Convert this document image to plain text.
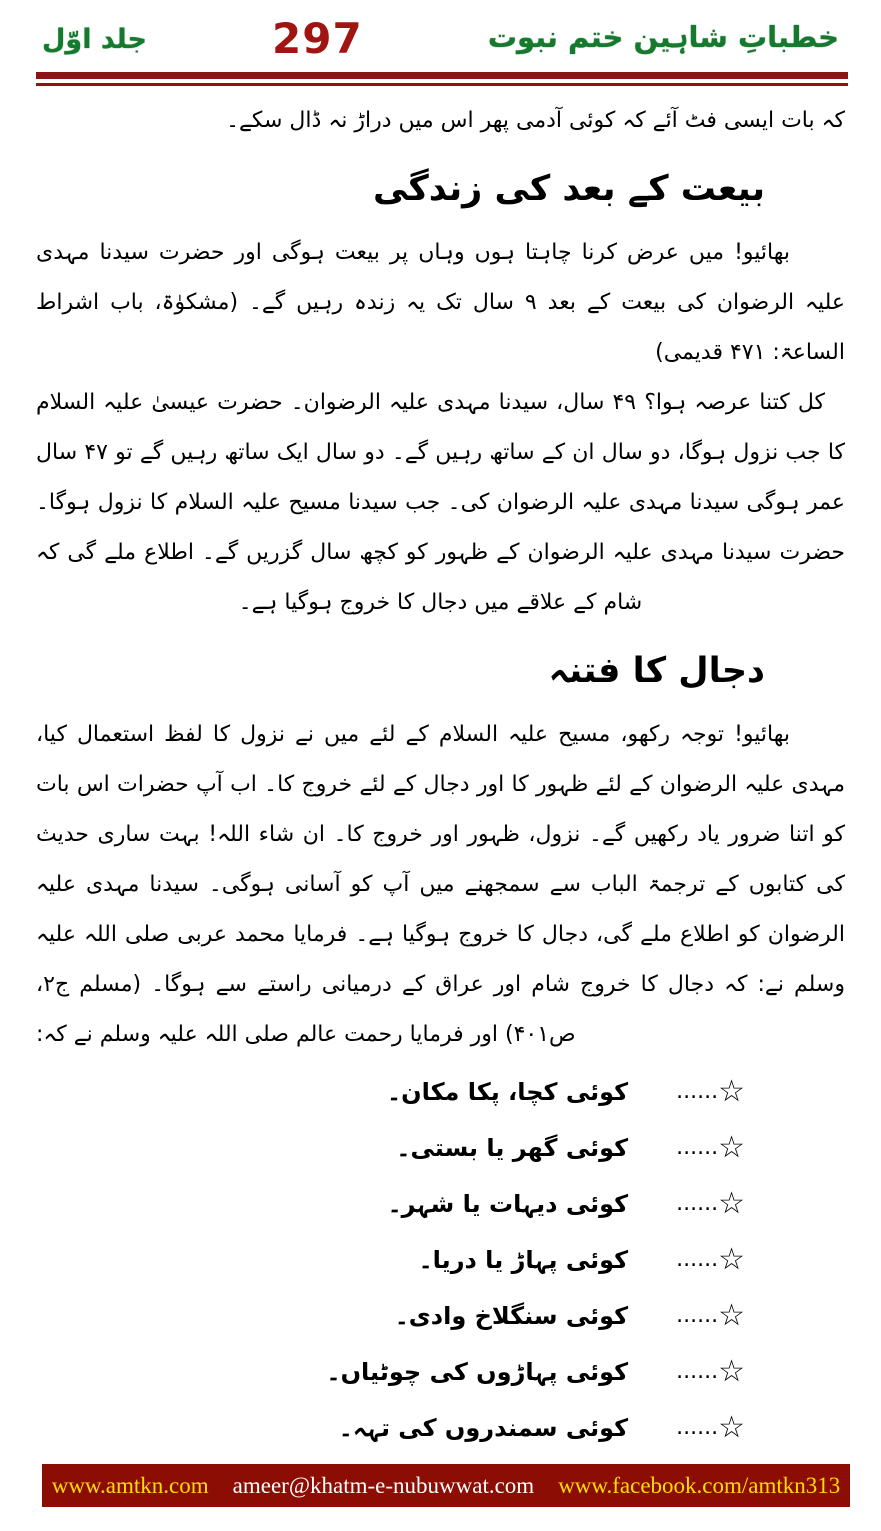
جلد اوّل	297	خطباتِ شاہین ختم نبوت

کہ بات ایسی فٹ آئے کہ کوئی آدمی پھر اس میں دراڑ نہ ڈال سکے۔

بیعت کے بعد کی زندگی

بھائیو! میں عرض کرنا چاہتا ہوں وہاں پر بیعت ہوگی اور حضرت سیدنا مہدی علیہ الرضوان کی بیعت کے بعد ۹ سال تک یہ زندہ رہیں گے۔ (مشکوٰۃ، باب اشراط الساعۃ: ۴۷۱ قدیمی)

کل کتنا عرصہ ہوا؟ ۴۹ سال، سیدنا مہدی علیہ الرضوان۔ حضرت عیسیٰ علیہ السلام کا جب نزول ہوگا، دو سال ان کے ساتھ رہیں گے۔ دو سال ایک ساتھ رہیں گے تو ۴۷ سال عمر ہوگی سیدنا مہدی علیہ الرضوان کی۔ جب سیدنا مسیح علیہ السلام کا نزول ہوگا۔ حضرت سیدنا مہدی علیہ الرضوان کے ظہور کو کچھ سال گزریں گے۔ اطلاع ملے گی کہ شام کے علاقے میں دجال کا خروج ہوگیا ہے۔

دجال کا فتنہ

بھائیو! توجہ رکھو، مسیح علیہ السلام کے لئے میں نے نزول کا لفظ استعمال کیا، مہدی علیہ الرضوان کے لئے ظہور کا اور دجال کے لئے خروج کا۔ اب آپ حضرات اس بات کو اتنا ضرور یاد رکھیں گے۔ نزول، ظہور اور خروج کا۔ ان شاء اللہ! بہت ساری حدیث کی کتابوں کے ترجمۃ الباب سے سمجھنے میں آپ کو آسانی ہوگی۔ سیدنا مہدی علیہ الرضوان کو اطلاع ملے گی، دجال کا خروج ہوگیا ہے۔ فرمایا محمد عربی صلی اللہ علیہ وسلم نے: کہ دجال کا خروج شام اور عراق کے درمیانی راستے سے ہوگا۔ (مسلم ج۲، ص۴۰۱) اور فرمایا رحمت عالم صلی اللہ علیہ وسلم نے کہ:

☆......کوئی کچا، پکا مکان۔
☆......کوئی گھر یا بستی۔
☆......کوئی دیہات یا شہر۔
☆......کوئی پہاڑ یا دریا۔
☆......کوئی سنگلاخ وادی۔
☆......کوئی پہاڑوں کی چوٹیاں۔
☆......کوئی سمندروں کی تہہ۔
www.amtkn.com ameer@khatm-e-nubuwwat.com www.facebook.com/amtkn313
